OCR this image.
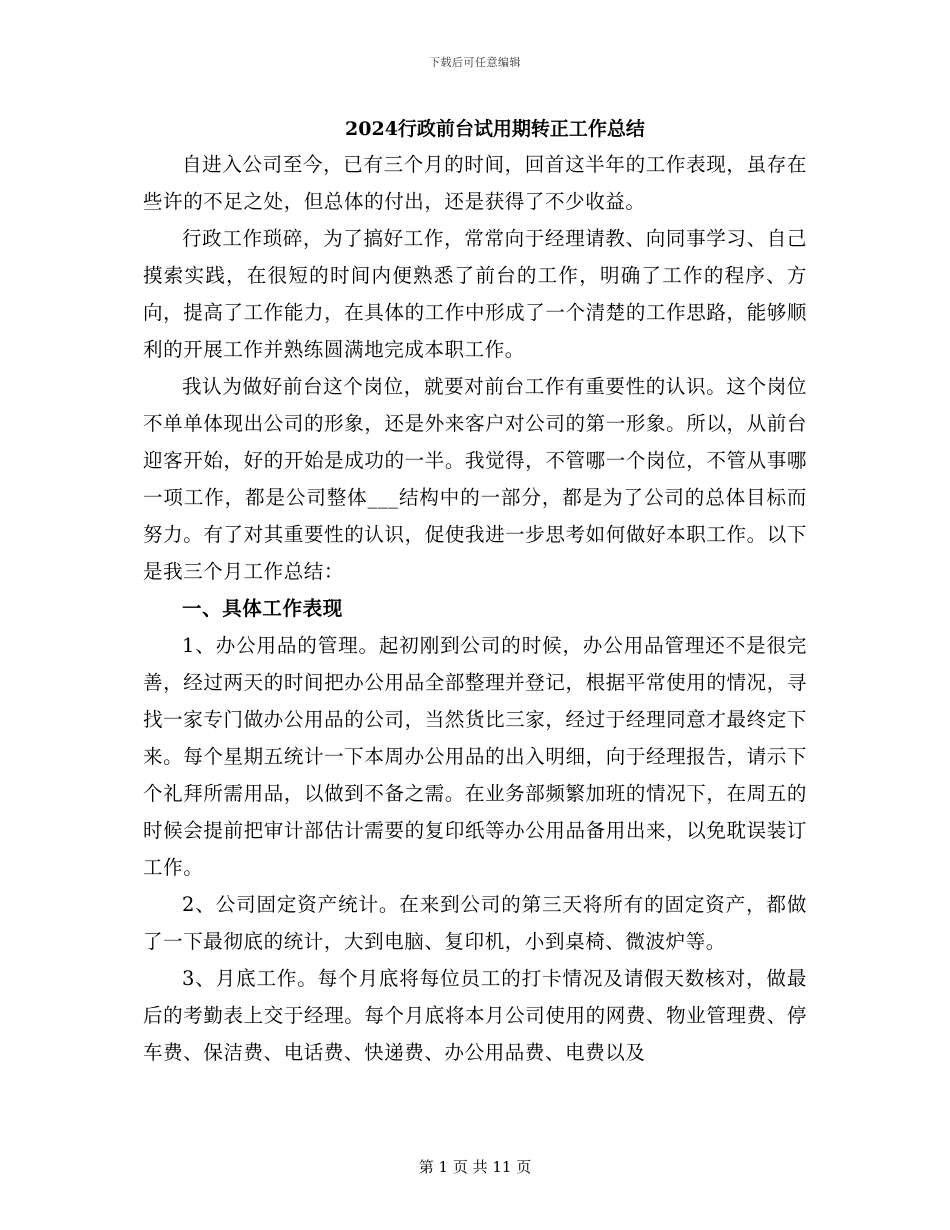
下载后可任意编辑
2024行政前台试用期转正工作总结

自进入公司至今，已有三个月的时间，回首这半年的工作表现，虽存在些许的不足之处，但总体的付出，还是获得了不少收益。

行政工作琐碎，为了搞好工作，常常向于经理请教、向同事学习、自己摸索实践，在很短的时间内便熟悉了前台的工作，明确了工作的程序、方向，提高了工作能力，在具体的工作中形成了一个清楚的工作思路，能够顺利的开展工作并熟练圆满地完成本职工作。

我认为做好前台这个岗位，就要对前台工作有重要性的认识。这个岗位不单单体现出公司的形象，还是外来客户对公司的第一形象。所以，从前台迎客开始，好的开始是成功的一半。我觉得，不管哪一个岗位，不管从事哪一项工作，都是公司整体___结构中的一部分，都是为了公司的总体目标而努力。有了对其重要性的认识，促使我进一步思考如何做好本职工作。以下是我三个月工作总结：

一、具体工作表现

1、办公用品的管理。起初刚到公司的时候，办公用品管理还不是很完善，经过两天的时间把办公用品全部整理并登记，根据平常使用的情况，寻找一家专门做办公用品的公司，当然货比三家，经过于经理同意才最终定下来。每个星期五统计一下本周办公用品的出入明细，向于经理报告，请示下个礼拜所需用品，以做到不备之需。在业务部频繁加班的情况下，在周五的时候会提前把审计部估计需要的复印纸等办公用品备用出来，以免耽误装订工作。

2、公司固定资产统计。在来到公司的第三天将所有的固定资产，都做了一下最彻底的统计，大到电脑、复印机，小到桌椅、微波炉等。

3、月底工作。每个月底将每位员工的打卡情况及请假天数核对，做最后的考勤表上交于经理。每个月底将本月公司使用的网费、物业管理费、停车费、保洁费、电话费、快递费、办公用品费、电费以及

第 1 页 共 11 页
